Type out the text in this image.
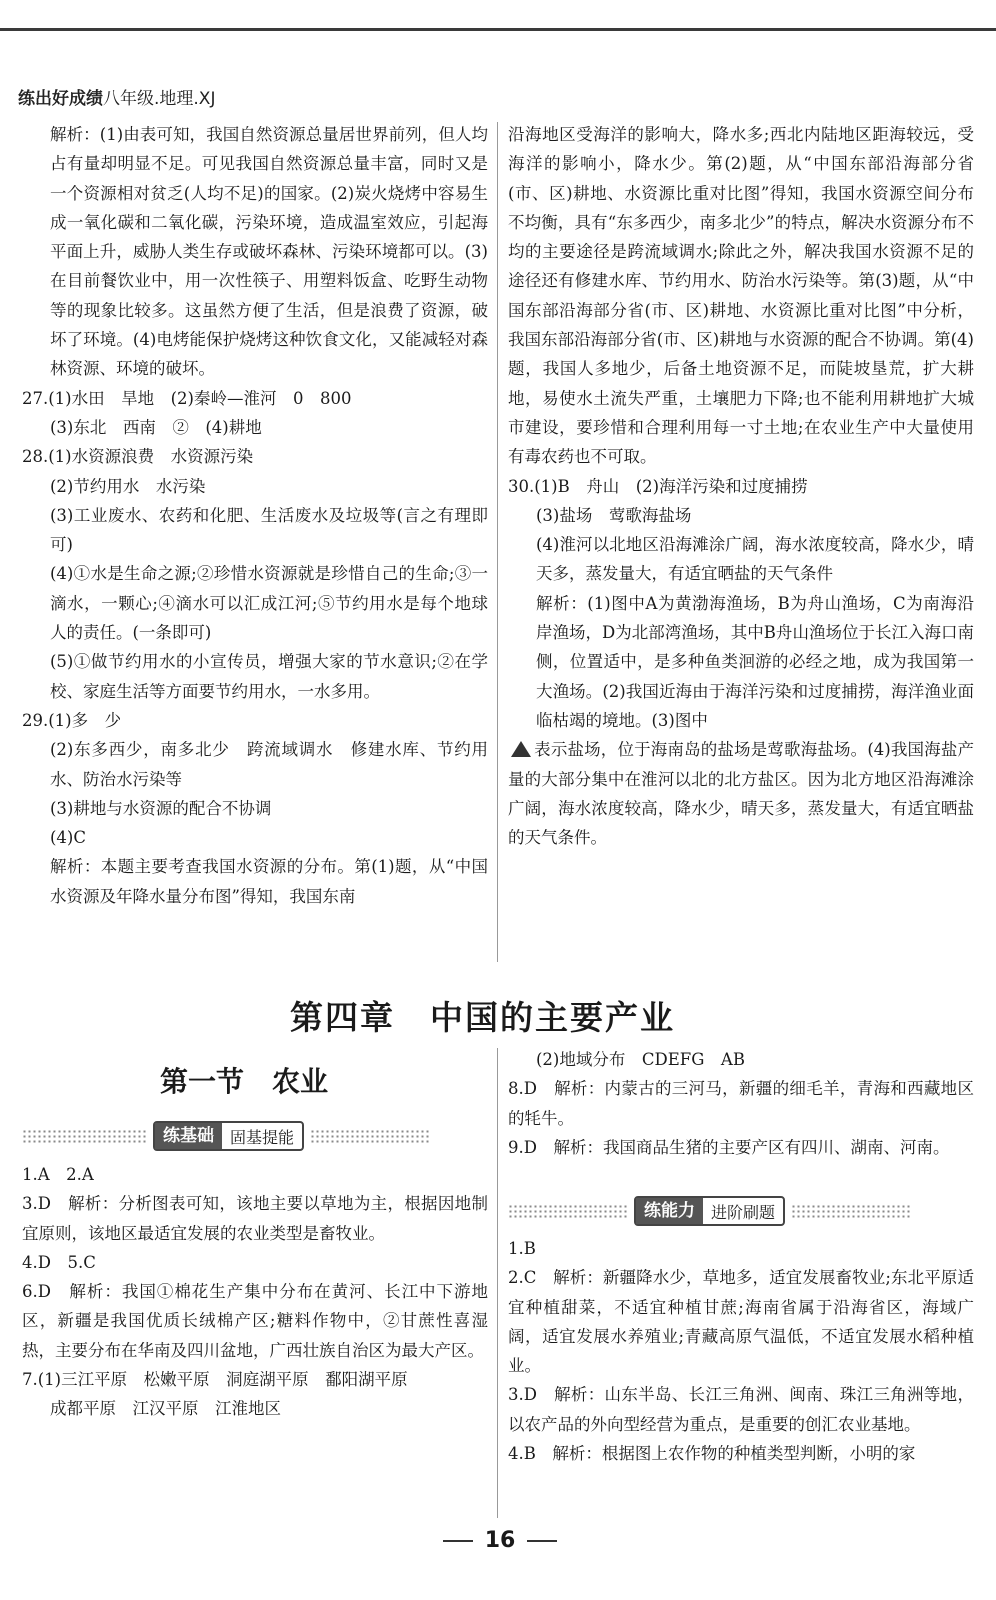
练出好成绩八年级.地理.XJ

解析：(1)由表可知，我国自然资源总量居世界前列，但人均占有量却明显不足。可见我国自然资源总量丰富，同时又是一个资源相对贫乏(人均不足)的国家。(2)炭火烧烤中容易生成一氧化碳和二氧化碳，污染环境，造成温室效应，引起海平面上升，威胁人类生存或破坏森林、污染环境都可以。(3)在目前餐饮业中，用一次性筷子、用塑料饭盒、吃野生动物等的现象比较多。这虽然方便了生活，但是浪费了资源，破坏了环境。(4)电烤能保护烧烤这种饮食文化，又能减轻对森林资源、环境的破坏。

27.(1)水田　旱地　(2)秦岭—淮河　0　800

(3)东北　西南　②　(4)耕地

28.(1)水资源浪费　水资源污染

(2)节约用水　水污染

(3)工业废水、农药和化肥、生活废水及垃圾等(言之有理即可)

(4)①水是生命之源;②珍惜水资源就是珍惜自己的生命;③一滴水，一颗心;④滴水可以汇成江河;⑤节约用水是每个地球人的责任。(一条即可)

(5)①做节约用水的小宣传员，增强大家的节水意识;②在学校、家庭生活等方面要节约用水，一水多用。

29.(1)多　少

(2)东多西少，南多北少　跨流域调水　修建水库、节约用水、防治水污染等

(3)耕地与水资源的配合不协调

(4)C

解析：本题主要考查我国水资源的分布。第(1)题，从“中国水资源及年降水量分布图”得知，我国东南

沿海地区受海洋的影响大，降水多;西北内陆地区距海较远，受海洋的影响小，降水少。第(2)题，从“中国东部沿海部分省(市、区)耕地、水资源比重对比图”得知，我国水资源空间分布不均衡，具有“东多西少，南多北少”的特点，解决水资源分布不均的主要途径是跨流域调水;除此之外，解决我国水资源不足的途径还有修建水库、节约用水、防治水污染等。第(3)题，从“中国东部沿海部分省(市、区)耕地、水资源比重对比图”中分析，我国东部沿海部分省(市、区)耕地与水资源的配合不协调。第(4)题，我国人多地少，后备土地资源不足，而陡坡垦荒，扩大耕地，易使水土流失严重，土壤肥力下降;也不能利用耕地扩大城市建设，要珍惜和合理利用每一寸土地;在农业生产中大量使用有毒农药也不可取。

30.(1)B　舟山　(2)海洋污染和过度捕捞

(3)盐场　莺歌海盐场

(4)淮河以北地区沿海滩涂广阔，海水浓度较高，降水少，晴天多，蒸发量大，有适宜晒盐的天气条件

解析：(1)图中A为黄渤海渔场，B为舟山渔场，C为南海沿岸渔场，D为北部湾渔场，其中B舟山渔场位于长江入海口南侧，位置适中，是多种鱼类洄游的必经之地，成为我国第一大渔场。(2)我国近海由于海洋污染和过度捕捞，海洋渔业面临枯竭的境地。(3)图中

表示盐场，位于海南岛的盐场是莺歌海盐场。(4)我国海盐产量的大部分集中在淮河以北的北方盐区。因为北方地区沿海滩涂广阔，海水浓度较高，降水少，晴天多，蒸发量大，有适宜晒盐的天气条件。

第四章　中国的主要产业
第一节　农业
练基础	固基提能

1.A　2.A

3.D　解析：分析图表可知，该地主要以草地为主，根据因地制宜原则，该地区最适宜发展的农业类型是畜牧业。

4.D　5.C

6.D　解析：我国①棉花生产集中分布在黄河、长江中下游地区，新疆是我国优质长绒棉产区;糖料作物中，②甘蔗性喜湿热，主要分布在华南及四川盆地，广西壮族自治区为最大产区。

7.(1)三江平原　松嫩平原　洞庭湖平原　鄱阳湖平原

成都平原　江汉平原　江淮地区

(2)地域分布　CDEFG　AB

8.D　解析：内蒙古的三河马，新疆的细毛羊，青海和西藏地区的牦牛。

9.D　解析：我国商品生猪的主要产区有四川、湖南、河南。

练能力	进阶刷题

1.B

2.C　解析：新疆降水少，草地多，适宜发展畜牧业;东北平原适宜种植甜菜，不适宜种植甘蔗;海南省属于沿海省区，海域广阔，适宜发展水养殖业;青藏高原气温低，不适宜发展水稻种植业。

3.D　解析：山东半岛、长江三角洲、闽南、珠江三角洲等地，以农产品的外向型经营为重点，是重要的创汇农业基地。

4.B　解析：根据图上农作物的种植类型判断，小明的家

16
